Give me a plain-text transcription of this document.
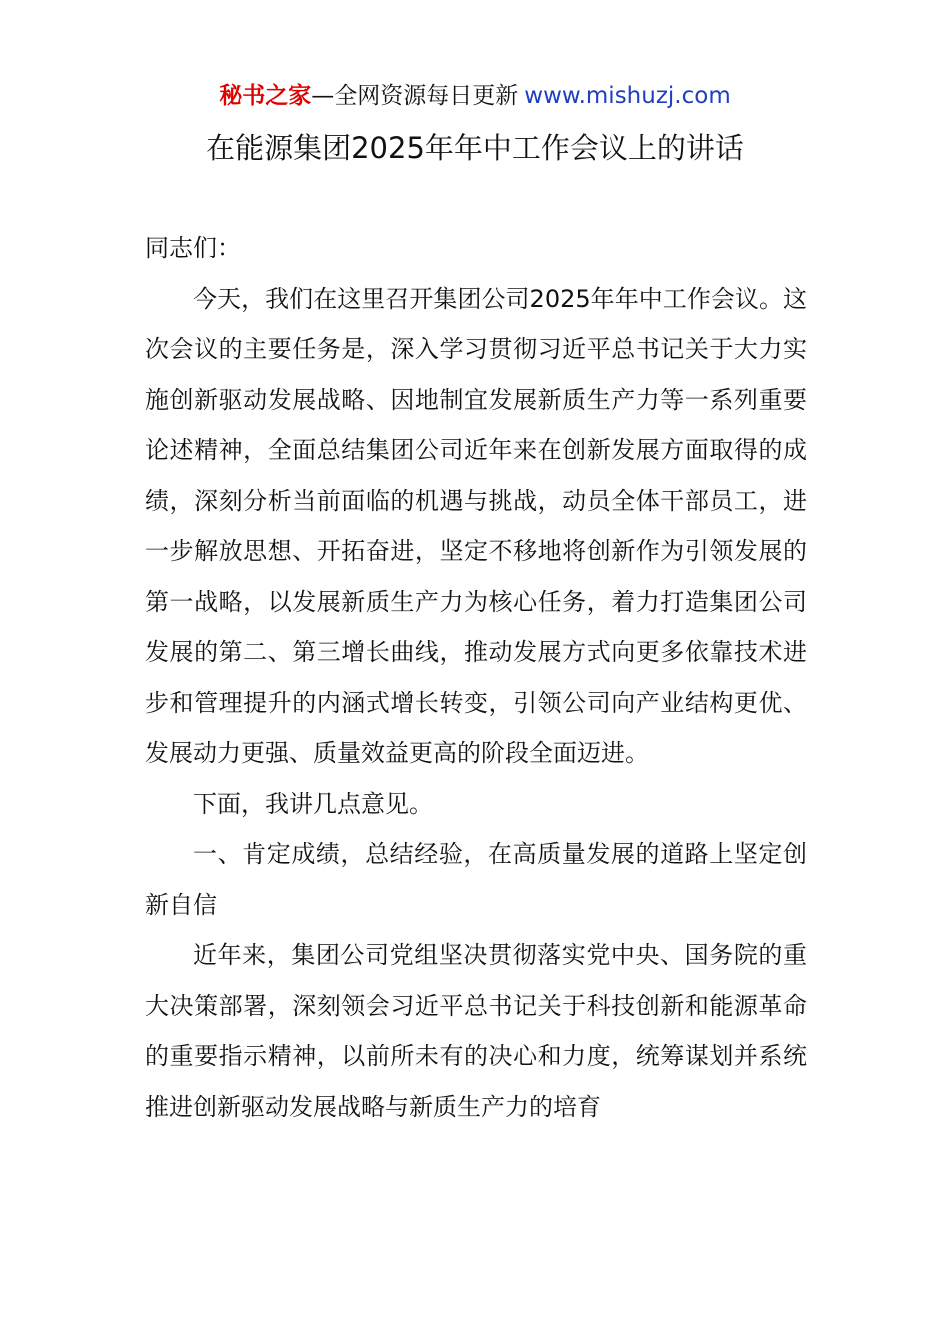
秘书之家—全网资源每日更新 www.mishuzj.com
在能源集团2025年年中工作会议上的讲话

同志们：

今天，我们在这里召开集团公司2025年年中工作会议。这次会议的主要任务是，深入学习贯彻习近平总书记关于大力实施创新驱动发展战略、因地制宜发展新质生产力等一系列重要论述精神，全面总结集团公司近年来在创新发展方面取得的成绩，深刻分析当前面临的机遇与挑战，动员全体干部员工，进一步解放思想、开拓奋进，坚定不移地将创新作为引领发展的第一战略，以发展新质生产力为核心任务，着力打造集团公司发展的第二、第三增长曲线，推动发展方式向更多依靠技术进步和管理提升的内涵式增长转变，引领公司向产业结构更优、发展动力更强、质量效益更高的阶段全面迈进。

下面，我讲几点意见。

一、肯定成绩，总结经验，在高质量发展的道路上坚定创新自信

近年来，集团公司党组坚决贯彻落实党中央、国务院的重大决策部署，深刻领会习近平总书记关于科技创新和能源革命的重要指示精神，以前所未有的决心和力度，统筹谋划并系统推进创新驱动发展战略与新质生产力的培育
